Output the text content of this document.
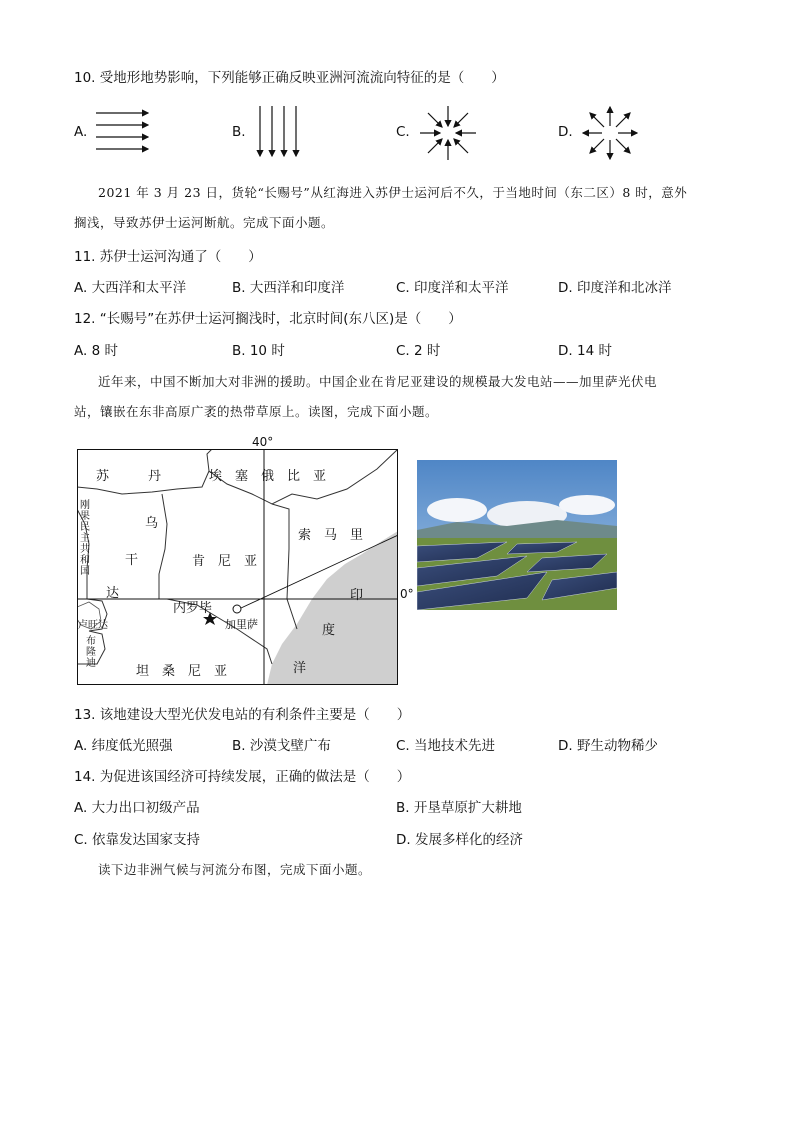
10. 受地形地势影响，下列能够正确反映亚洲河流流向特征的是（　　）
A.	B.	C.	D.
2021 年 3 月 23 日，货轮“长赐号”从红海进入苏伊士运河后不久，于当地时间（东二区）8 时，意外
搁浅，导致苏伊士运河断航。完成下面小题。
11. 苏伊士运河沟通了（　　）
A. 大西洋和太平洋	B. 大西洋和印度洋	C. 印度洋和太平洋	D. 印度洋和北冰洋
12. “长赐号”在苏伊士运河搁浅时，北京时间(东八区)是（　　）
A. 8 时	B. 10 时	C. 2 时	D. 14 时
近年来，中国不断加大对非洲的援助。中国企业在肯尼亚建设的规模最大发电站——加里萨光伏电
站，镶嵌在东非高原广袤的热带草原上。读图，完成下面小题。
40°
0°
苏	丹	埃　塞　俄　比　亚
乌
干
达
肯　尼　亚
索　马　里
刚果民主共和国
内罗毕
加里萨
卢旺达
布隆迪
坦　桑　尼　亚
印
度
洋
13. 该地建设大型光伏发电站的有利条件主要是（　　）
A. 纬度低光照强	B. 沙漠戈壁广布	C. 当地技术先进	D. 野生动物稀少
14. 为促进该国经济可持续发展，正确的做法是（　　）
A. 大力出口初级产品	B. 开垦草原扩大耕地
C. 依靠发达国家支持	D. 发展多样化的经济
读下边非洲气候与河流分布图，完成下面小题。
